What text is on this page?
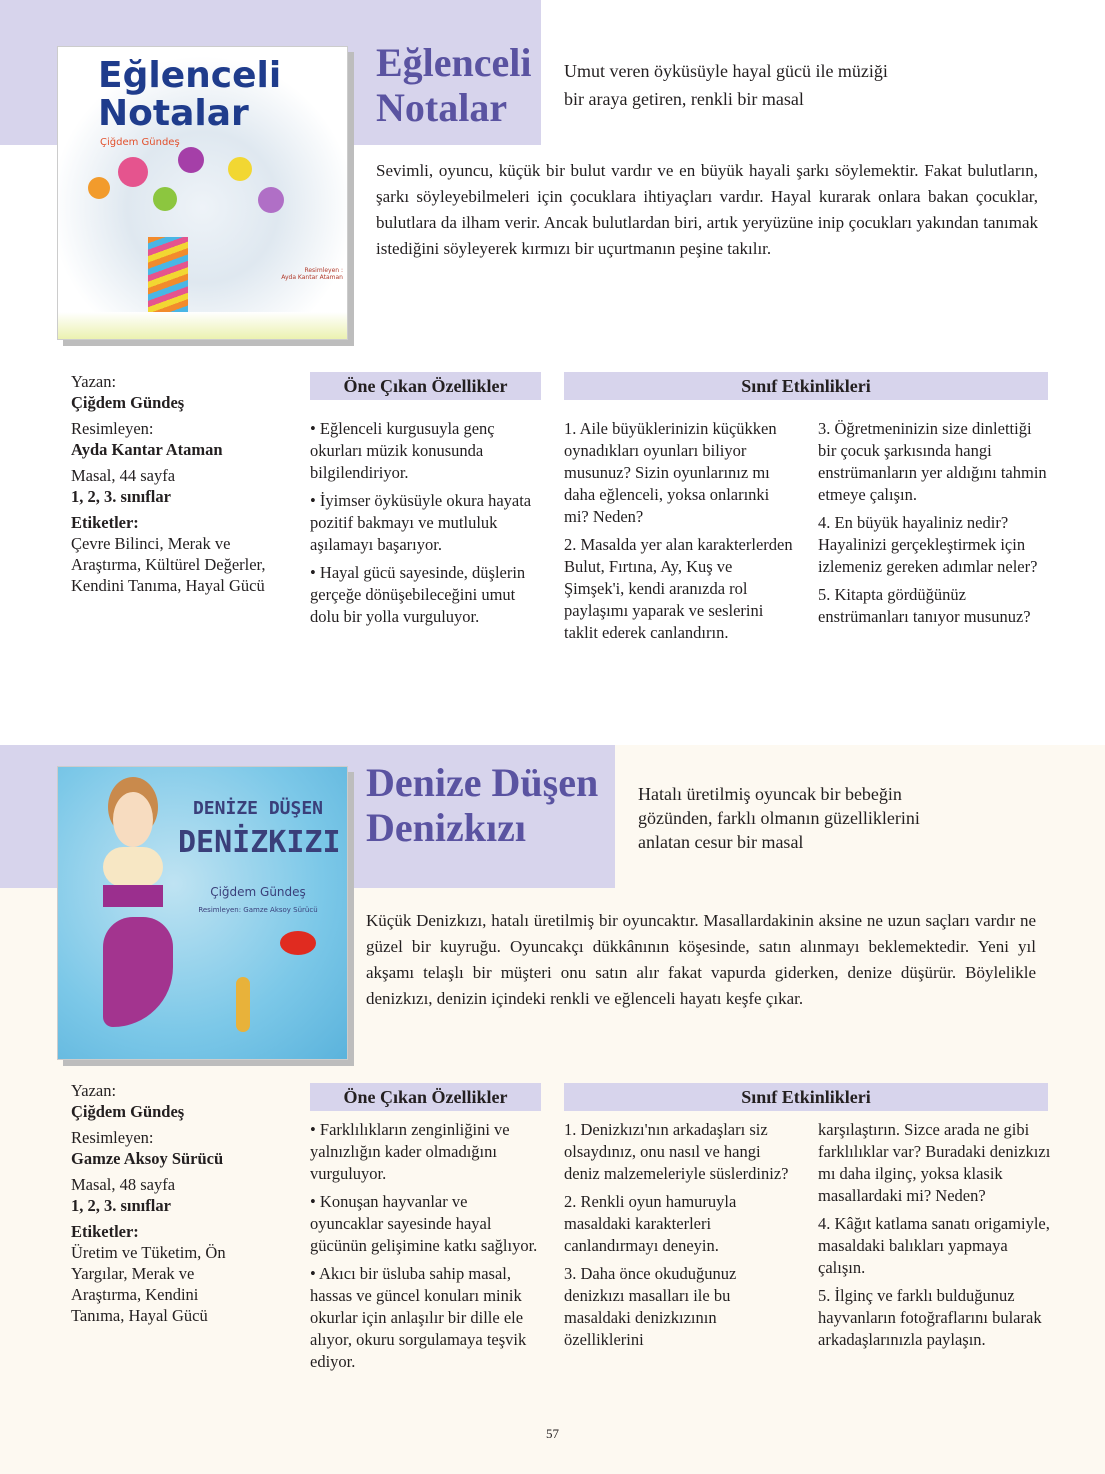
Eğlenceli
Notalar
Çiğdem Gündeş
Resimleyen :
Ayda Kantar Ataman
Eğlenceli
Notalar
Umut veren öyküsüyle hayal gücü ile müziği
bir araya getiren, renkli bir masal
Sevimli, oyuncu, küçük bir bulut vardır ve en büyük hayali şarkı söylemektir. Fakat bulutların, şarkı söyleyebilmeleri için çocuklara ihtiyaçları vardır. Hayal kurarak onlara bakan çocuklar, bulutlara da ilham verir. Ancak bulutlardan biri, artık yeryüzüne inip çocukları yakından tanımak istediğini söyleyerek kırmızı bir uçurtmanın peşine takılır.
Yazan:

Çiğdem Gündeş

Resimleyen:

Ayda Kantar Ataman

Masal, 44 sayfa

1, 2, 3. sınıflar

Etiketler:
Çevre Bilinci, Merak ve Araştırma, Kültürel Değerler, Kendini Tanıma, Hayal Gücü
Öne Çıkan Özellikler	Sınıf Etkinlikleri

• Eğlenceli kurgusuyla genç okurları müzik konusunda bilgilendiriyor.

• İyimser öyküsüyle okura hayata pozitif bakmayı ve mutluluk aşılamayı başarıyor.

• Hayal gücü sayesinde, düşlerin gerçeğe dönüşebileceğini umut dolu bir yolla vurguluyor.

1. Aile büyüklerinizin küçükken oynadıkları oyunları biliyor musunuz? Sizin oyunlarınız mı daha eğlenceli, yoksa onlarınki mi? Neden?

2. Masalda yer alan karakterlerden Bulut, Fırtına, Ay, Kuş ve Şimşek'i, kendi aranızda rol paylaşımı yaparak ve seslerini taklit ederek canlandırın.

3. Öğretmeninizin size dinlettiği bir çocuk şarkısında hangi enstrümanların yer aldığını tahmin etmeye çalışın.

4. En büyük hayaliniz nedir? Hayalinizi gerçekleştirmek için izlemeniz gereken adımlar neler?

5. Kitapta gördüğünüz enstrümanları tanıyor musunuz?

DENİZE DÜŞEN
DENİZKIZI
Çiğdem Gündeş
Resimleyen: Gamze Aksoy Sürücü
Denize Düşen
Denizkızı
Hatalı üretilmiş oyuncak bir bebeğin
gözünden, farklı olmanın güzelliklerini
anlatan cesur bir masal
Küçük Denizkızı, hatalı üretilmiş bir oyuncaktır. Masallardakinin aksine ne uzun saçları vardır ne güzel bir kuyruğu. Oyuncakçı dükkânının köşesinde, satın alınmayı beklemektedir. Yeni yıl akşamı telaşlı bir müşteri onu satın alır fakat vapurda giderken, denize düşürür. Böylelikle denizkızı, denizin içindeki renkli ve eğlenceli hayatı keşfe çıkar.
Yazan:

Çiğdem Gündeş

Resimleyen:

Gamze Aksoy Sürücü

Masal, 48 sayfa

1, 2, 3. sınıflar

Etiketler:
Üretim ve Tüketim, Ön Yargılar, Merak ve Araştırma, Kendini Tanıma, Hayal Gücü
Öne Çıkan Özellikler	Sınıf Etkinlikleri

• Farklılıkların zenginliğini ve yalnızlığın kader olmadığını vurguluyor.

• Konuşan hayvanlar ve oyuncaklar sayesinde hayal gücünün gelişimine katkı sağlıyor.

• Akıcı bir üsluba sahip masal, hassas ve güncel konuları minik okurlar için anlaşılır bir dille ele alıyor, okuru sorgulamaya teşvik ediyor.

1. Denizkızı'nın arkadaşları siz olsaydınız, onu nasıl ve hangi deniz malzemeleriyle süslerdiniz?

2. Renkli oyun hamuruyla masaldaki karakterleri canlandırmayı deneyin.

3. Daha önce okuduğunuz denizkızı masalları ile bu masaldaki denizkızının özelliklerini

karşılaştırın. Sizce arada ne gibi farklılıklar var? Buradaki denizkızı mı daha ilginç, yoksa klasik masallardaki mi? Neden?

4. Kâğıt katlama sanatı origamiyle, masaldaki balıkları yapmaya çalışın.

5. İlginç ve farklı bulduğunuz hayvanların fotoğraflarını bularak arkadaşlarınızla paylaşın.

57
